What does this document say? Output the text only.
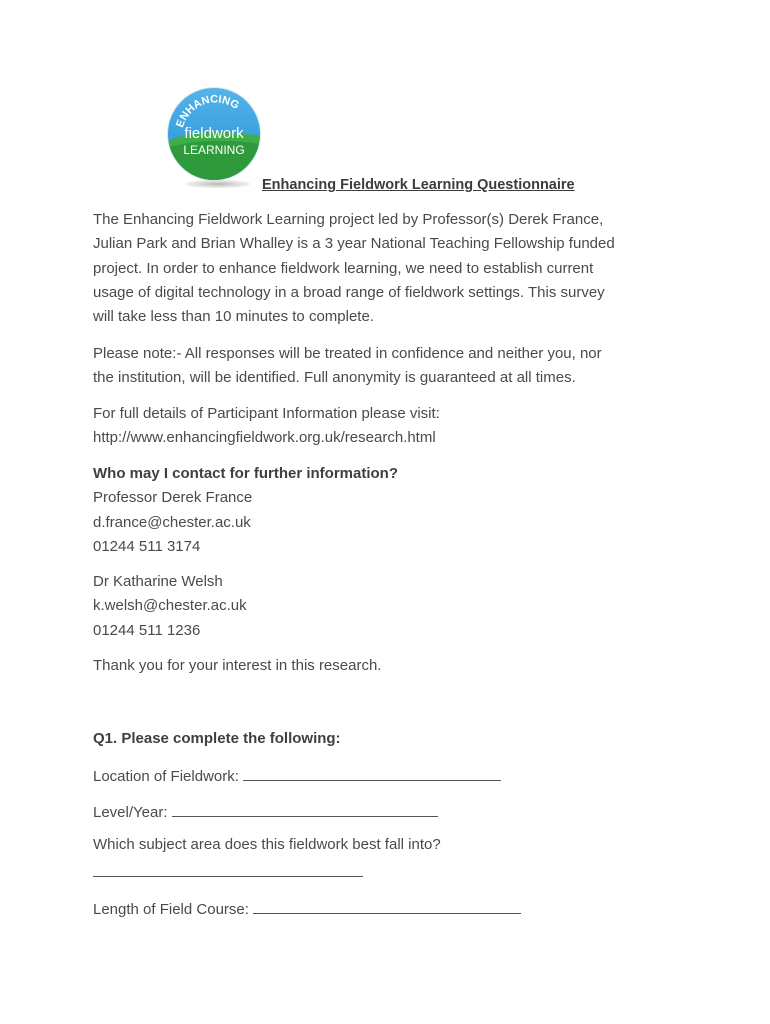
ENHANCING
fieldwork
LEARNING
Enhancing Fieldwork Learning Questionnaire
The Enhancing Fieldwork Learning project led by Professor(s) Derek France,
Julian Park and Brian Whalley is a 3 year National Teaching Fellowship funded
project. In order to enhance fieldwork learning, we need to establish current
usage of digital technology in a broad range of fieldwork settings. This survey
will take less than 10 minutes to complete.
Please note:- All responses will be treated in confidence and neither you, nor
the institution, will be identified. Full anonymity is guaranteed at all times.
For full details of Participant Information please visit:
http://www.enhancingfieldwork.org.uk/research.html
Who may I contact for further information?
Professor Derek France
d.france@chester.ac.uk
01244 511 3174
Dr Katharine Welsh
k.welsh@chester.ac.uk
01244 511 1236
Thank you for your interest in this research.
Q1. Please complete the following:
Location of Fieldwork:
Level/Year:
Which subject area does this fieldwork best fall into?
Length of Field Course:
